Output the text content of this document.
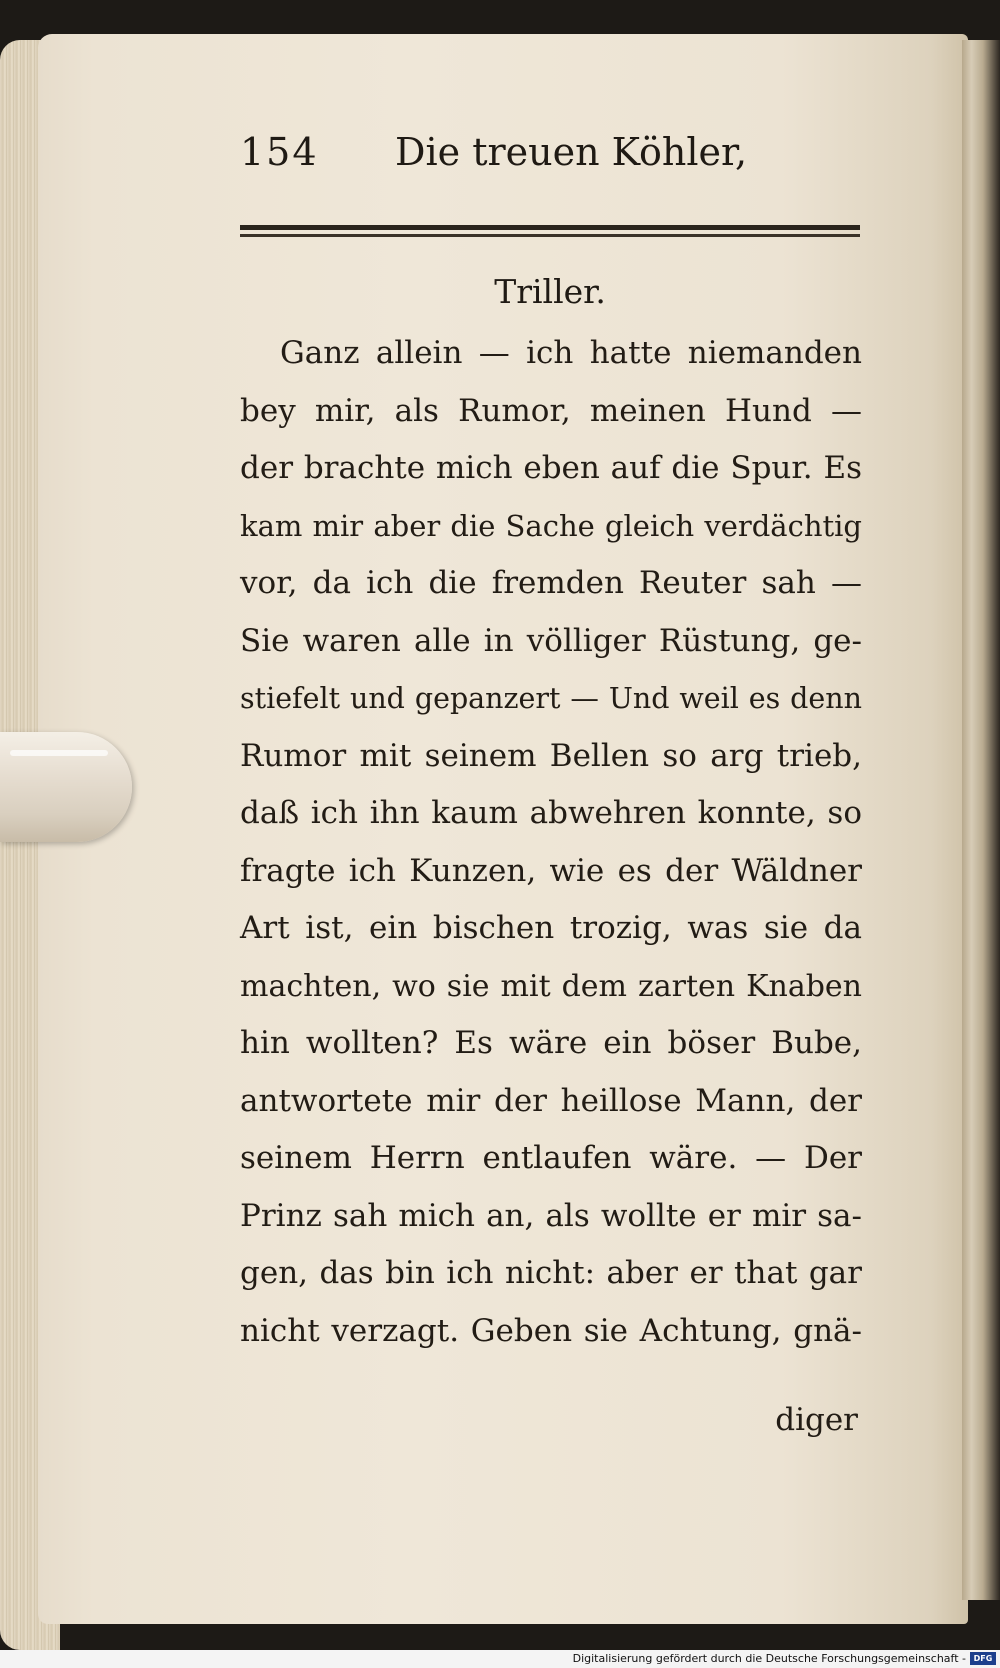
154 Die treuen Köhler,
Triller.
Ganz allein — ich hatte niemanden
bey mir, als Rumor, meinen Hund —
der brachte mich eben auf die Spur. Es
kam mir aber die Sache gleich verdächtig
vor, da ich die fremden Reuter sah —
Sie waren alle in völliger Rüstung, ge-
stiefelt und gepanzert — Und weil es denn
Rumor mit seinem Bellen so arg trieb,
daß ich ihn kaum abwehren konnte, so
fragte ich Kunzen, wie es der Wäldner
Art ist, ein bischen trozig, was sie da
machten, wo sie mit dem zarten Knaben
hin wollten? Es wäre ein böser Bube,
antwortete mir der heillose Mann, der
seinem Herrn entlaufen wäre. — Der
Prinz sah mich an, als wollte er mir sa-
gen, das bin ich nicht: aber er that gar
nicht verzagt. Geben sie Achtung, gnä-
diger
Digitalisierung gefördert durch die Deutsche Forschungsgemeinschaft - DFG
